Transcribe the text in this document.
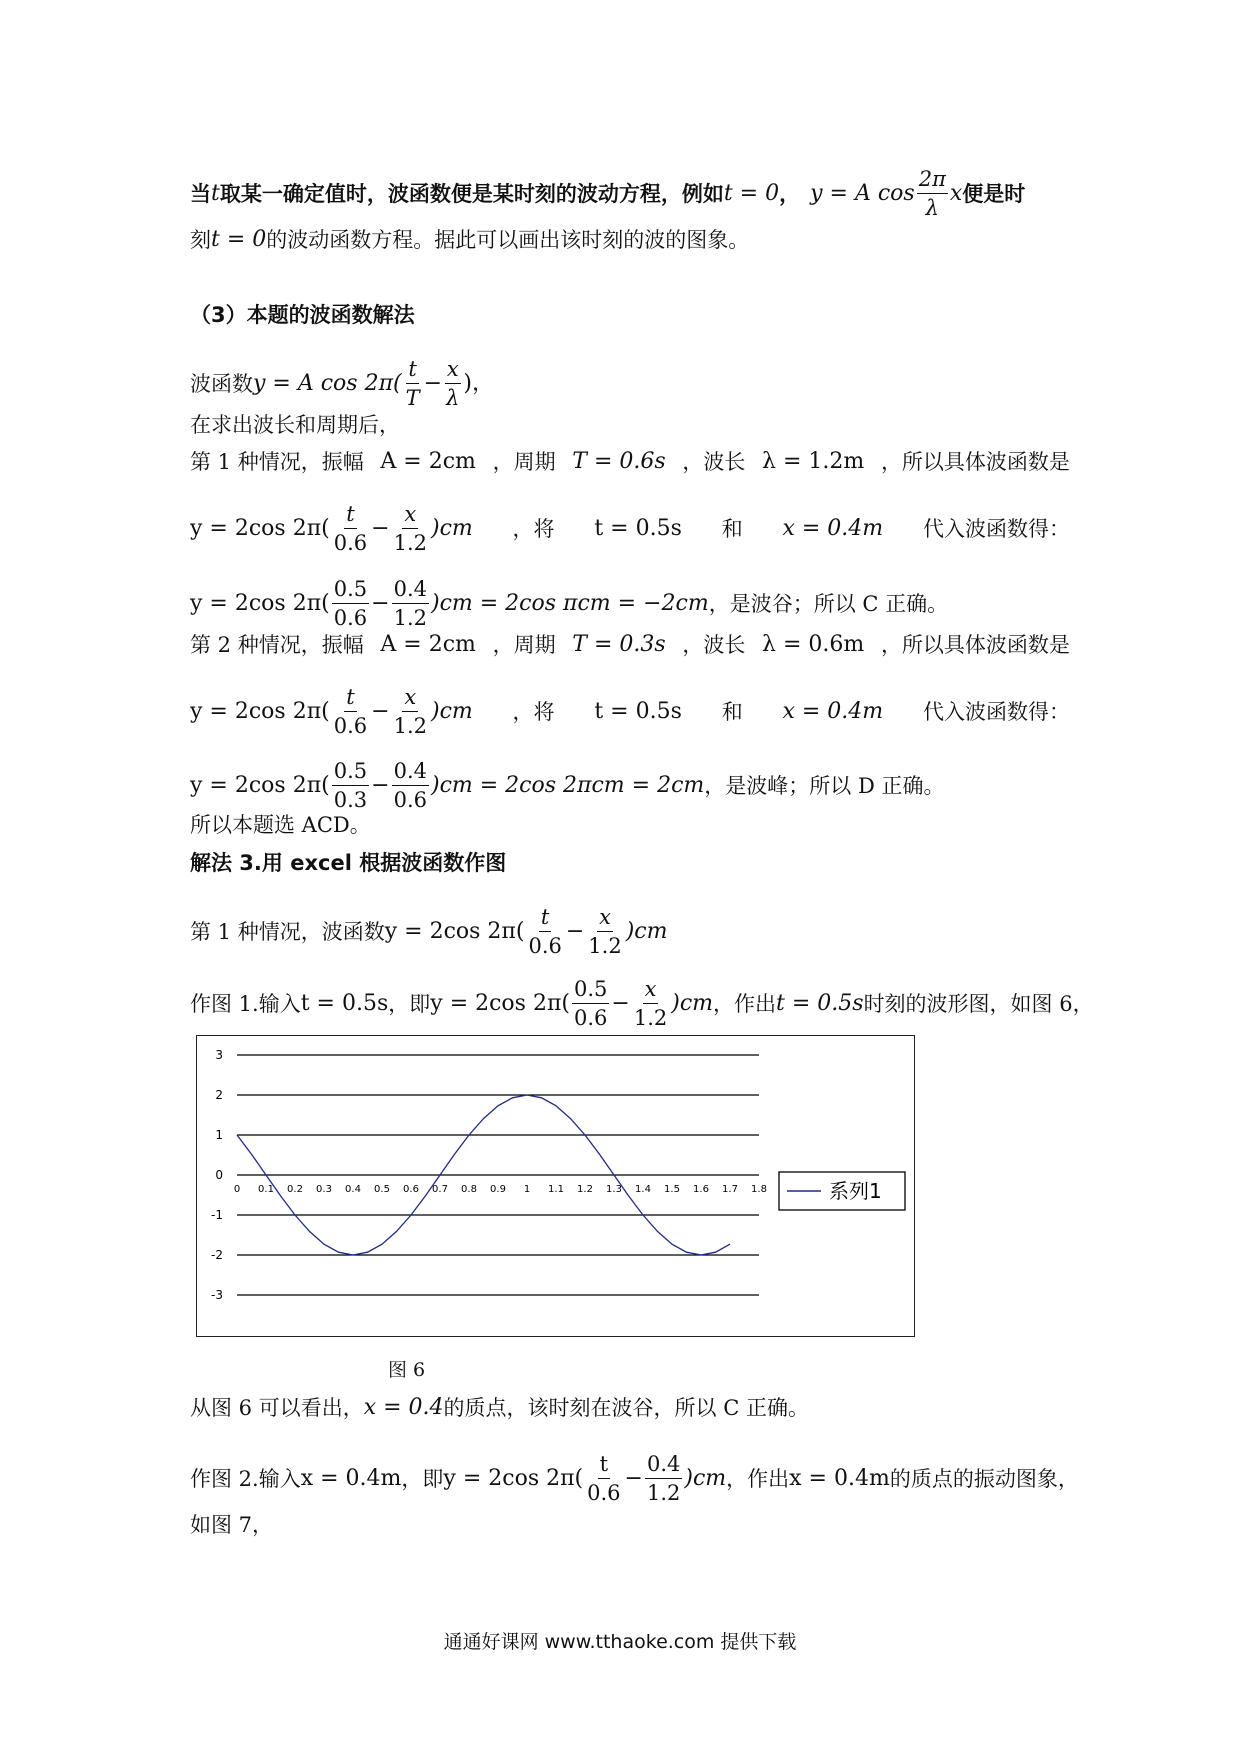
当 t 取某一确定值时，波函数便是某时刻的波动方程，例如 t = 0 ， y = A $\cos \frac{2\pi}{\lambda}$ x 便是时
刻 t = 0 的波动函数方程。据此可以画出该时刻的波的图象。
（3）本题的波函数解法
波函数 y = A $\cos 2\pi( \frac{t}{T} - \frac{x}{\lambda}$ )，
在求出波长和周期后，
第 1 种情况，振幅 A = 2cm ，周期 T = 0.6s ，波长 λ = 1.2m ，所以具体波函数是
y = 2cos $2\pi( \frac{t}{0.6} - \frac{x}{1.2} )cm$ ，将 t = 0.5s 和 x = 0.4m 代入波函数得：
y = 2cos $2\pi( \frac{0.5}{0.6} - \frac{0.4}{1.2} )cm = 2\cos$ πcm = −2cm ，是波谷；所以 C 正确。
第 2 种情况，振幅 A = 2cm ，周期 T = 0.3s ，波长 λ = 0.6m ，所以具体波函数是
y = 2cos $2\pi( \frac{t}{0.6} - \frac{x}{1.2} )cm$ ，将 t = 0.5s 和 x = 0.4m 代入波函数得：
y = 2cos $2\pi( \frac{0.5}{0.3} - \frac{0.4}{0.6} )cm = 2\cos$ 2πcm = 2cm ，是波峰；所以 D 正确。
所以本题选 ACD。
解法 3.用 excel 根据波函数作图
第 1 种情况，波函数 y = 2cos $2\pi( \frac{t}{0.6} - \frac{x}{1.2} )cm$
作图 1.输入 t = 0.5s ，即 y = 2cos $2\pi( \frac{0.5}{0.6} - \frac{x}{1.2} )cm$ ，作出 t = 0.5s 时刻的波形图，如图 6，
3
2
1
0
-1
-2
-3
0 0.1 0.2 0.3 0.4 0.5 0.6 0.7 0.8 0.9 1 1.1 1.2 1.3 1.4 1.5 1.6 1.7 1.8	系列1
图 6
从图 6 可以看出， x = 0.4 的质点，该时刻在波谷，所以 C 正确。
作图 2.输入 x = 0.4m ，即 y = 2cos $2\pi( \frac{t}{0.6} - \frac{0.4}{1.2} )cm$ ，作出 x = 0.4m 的质点的振动图象，
如图 7，
通通好课网 www.tthaoke.com 提供下载
